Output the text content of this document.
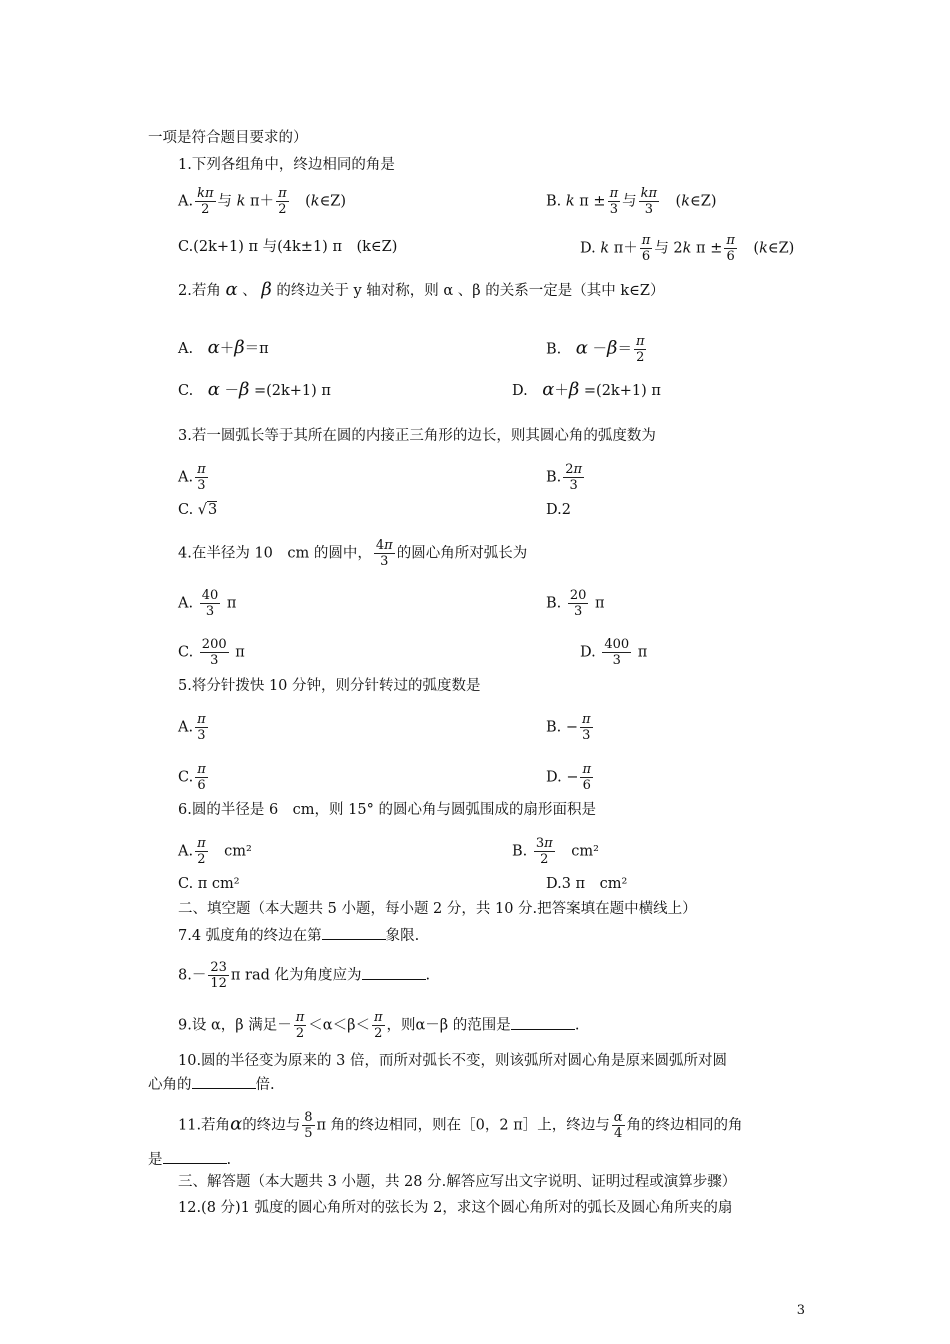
一项是符合题目要求的）
1.下列各组角中，终边相同的角是
A. $\frac{k\pi}{2}$ 与 k $\pi+ \frac{\pi}{2}$ 　(k∈Z)	B. k $\pi \pm \frac{\pi}{3}$ 与 $\frac{k\pi}{3}$ 　(k∈Z)
C.(2k+1) π 与(4k±1) π　(k∈Z)	D. k $\pi+ \frac{\pi}{6}$ 与 2k $\pi \pm \frac{\pi}{6}$ 　(k∈Z)
2.若角 α 、 β 的终边关于 y 轴对称，则 α 、β 的关系一定是（其中 k∈Z）
A.　 α＋β＝π	B.　 $\alpha -\beta= \frac{\pi}{2}$
C.　 α －β =(2k+1) π	D.　 α＋β =(2k+1) π
3.若一圆弧长等于其所在圆的内接正三角形的边长，则其圆心角的弧度数为
A. $\frac{\pi}{3}$	B. $\frac{2\pi}{3}$
C. √3	D.2
4.在半径为 10　cm 的圆中， $\frac{4\pi}{3}$ 的圆心角所对弧长为
A. $\frac{40}{3}$ π	B. $\frac{20}{3}$ π
C. $\frac{200}{3}$ π	D. $\frac{400}{3}$ π
5.将分针拨快 10 分钟，则分针转过的弧度数是
A. $\frac{\pi}{3}$	B. − $\frac{\pi}{3}$
C. $\frac{\pi}{6}$	D. − $\frac{\pi}{6}$
6.圆的半径是 6　cm，则 15° 的圆心角与圆弧围成的扇形面积是
A. $\frac{\pi}{2}$
　 cm²	B. $\frac{3\pi}{2}$
　 cm²
C. π cm²	D.3 π　cm²
二、填空题（本大题共 5 小题，每小题 2 分，共 10 分.把答案填在题中横线上）
7.4 弧度角的终边在第	象限.
$8.- \frac{23}{12}$ π rad 化为角度应为	.
9.设 α，β 满足－ $\frac{\pi}{2} <\alpha<\beta< \frac{\pi}{2}$ ，则α－β 的范围是	.
10.圆的半径变为原来的 3 倍，而所对弧长不变，则该弧所对圆心角是原来圆弧所对圆
心角的	倍.
11.若角α的终边与 $\frac{8}{5}$ π 角的终边相同，则在［0，2 π］上，终边与 $\frac{\alpha}{4}$ 角的终边相同的角
是	.
三、解答题（本大题共 3 小题，共 28 分.解答应写出文字说明、证明过程或演算步骤）
12.(8 分)1 弧度的圆心角所对的弦长为 2，求这个圆心角所对的弧长及圆心角所夹的扇
3
